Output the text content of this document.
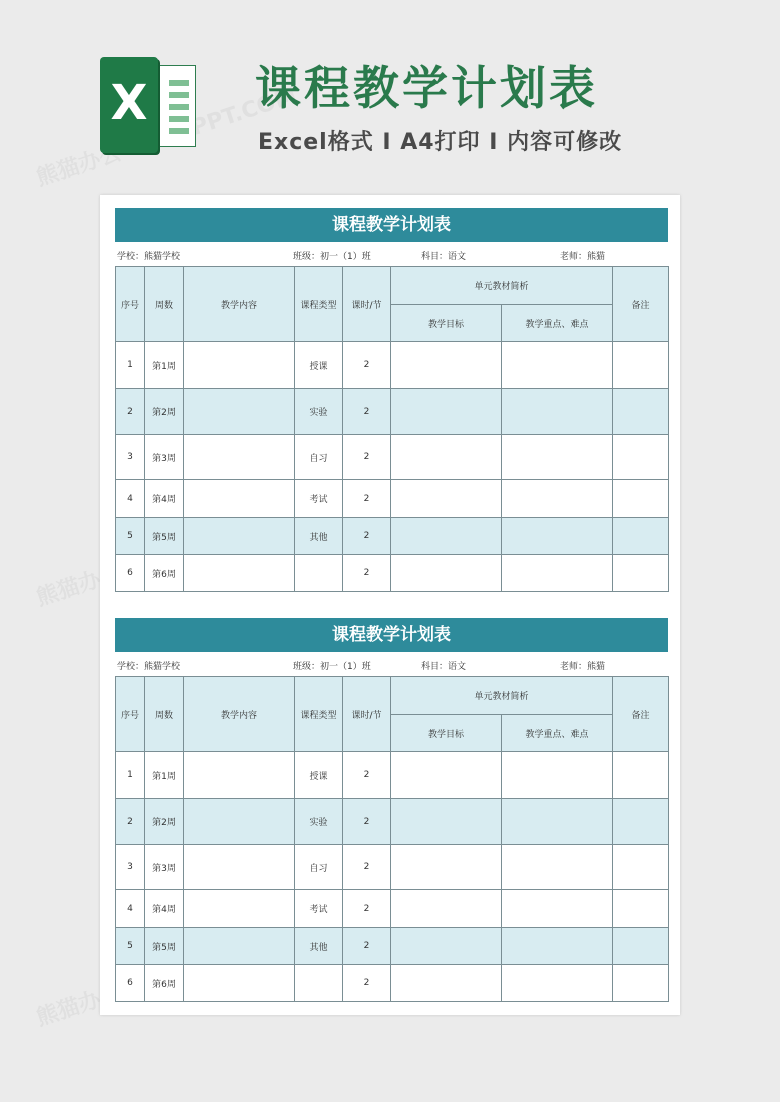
X 课程教学计划表
Excel格式 I A4打印 I 内容可修改
课程教学计划表
学校：熊猫学校	班级：初一（1）班	科目：语文	老师：熊猫
序号	周数	教学内容	课程类型	课时/节	单元教材简析		备注
					教学目标	教学重点、难点	
1	第1周		授课	2			
2	第2周		实验	2			
3	第3周		自习	2			
4	第4周		考试	2			
5	第5周		其他	2			
6	第6周			2			
课程教学计划表
学校：熊猫学校	班级：初一（1）班	科目：语文	老师：熊猫
序号	周数	教学内容	课程类型	课时/节	单元教材简析		备注
					教学目标	教学重点、难点	
1	第1周		授课	2			
2	第2周		实验	2			
3	第3周		自习	2			
4	第4周		考试	2			
5	第5周		其他	2			
6	第6周			2			
